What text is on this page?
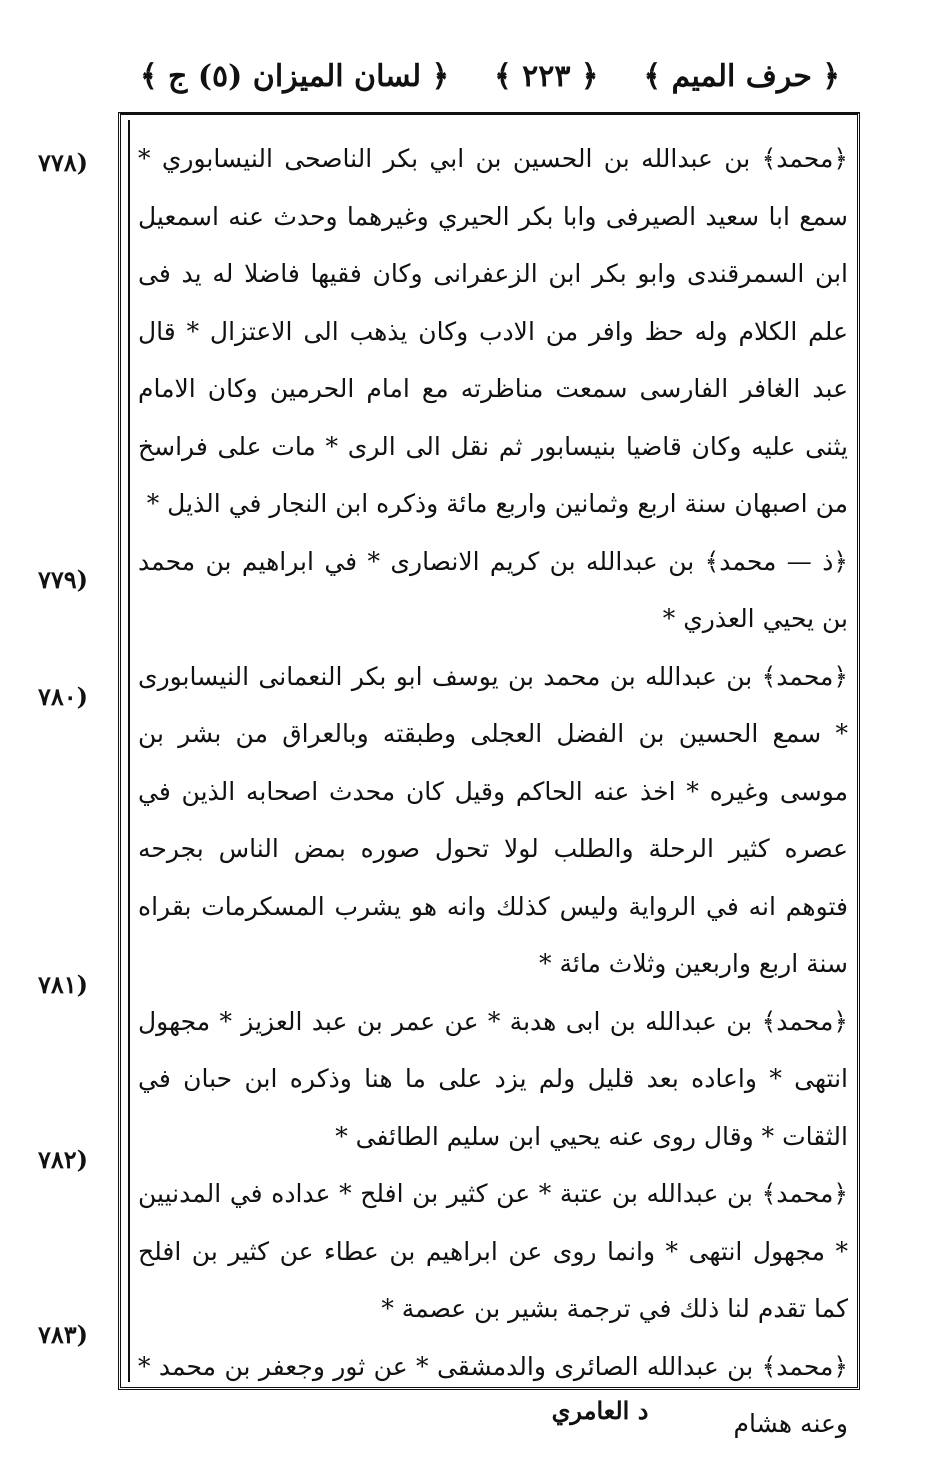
﴿ حرف الميم ﴾
﴿ ٢٢٣ ﴾
﴿ لسان الميزان (٥) ج ﴾
(٧٧٨
(٧٧٩
(٧٨٠
(٧٨١
(٧٨٢
(٧٨٣

﴿محمد﴾ بن عبدالله بن الحسين بن ابي بكر الناصحى النيسابوري * سمع ابا سعيد الصيرفى وابا بكر الحيري وغيرهما وحدث عنه اسمعيل ابن السمرقندى وابو بكر ابن الزعفرانى وكان فقيها فاضلا له يد فى علم الكلام وله حظ وافر من الادب وكان يذهب الى الاعتزال * قال عبد الغافر الفارسى سمعت مناظرته مع امام الحرمين وكان الامام يثنى عليه وكان قاضيا بنيسابور ثم نقل الى الرى * مات على فراسخ من اصبهان سنة اربع وثمانين واربع مائة وذكره ابن النجار في الذيل *

﴿ذ — محمد﴾ بن عبدالله بن كريم الانصارى * في ابراهيم بن محمد بن يحيي العذري *

﴿محمد﴾ بن عبدالله بن محمد بن يوسف ابو بكر النعمانى النيسابورى * سمع الحسين بن الفضل العجلى وطبقته وبالعراق من بشر بن موسى وغيره * اخذ عنه الحاكم وقيل كان محدث اصحابه الذين في عصره كثير الرحلة والطلب لولا تحول صوره بمض الناس بجرحه فتوهم انه في الرواية وليس كذلك وانه هو يشرب المسكرمات بقراه سنة اربع واربعين وثلاث مائة *

﴿محمد﴾ بن عبدالله بن ابى هدبة * عن عمر بن عبد العزيز * مجهول انتهى * واعاده بعد قليل ولم يزد على ما هنا وذكره ابن حبان في الثقات * وقال روى عنه يحيي ابن سليم الطائفى *

﴿محمد﴾ بن عبدالله بن عتبة * عن كثير بن افلح * عداده في المدنيين * مجهول انتهى * وانما روى عن ابراهيم بن عطاء عن كثير بن افلح كما تقدم لنا ذلك في ترجمة بشير بن عصمة *

﴿محمد﴾ بن عبدالله الصائرى والدمشقى * عن ثور وجعفر بن محمد * وعنه هشام

د العامري
